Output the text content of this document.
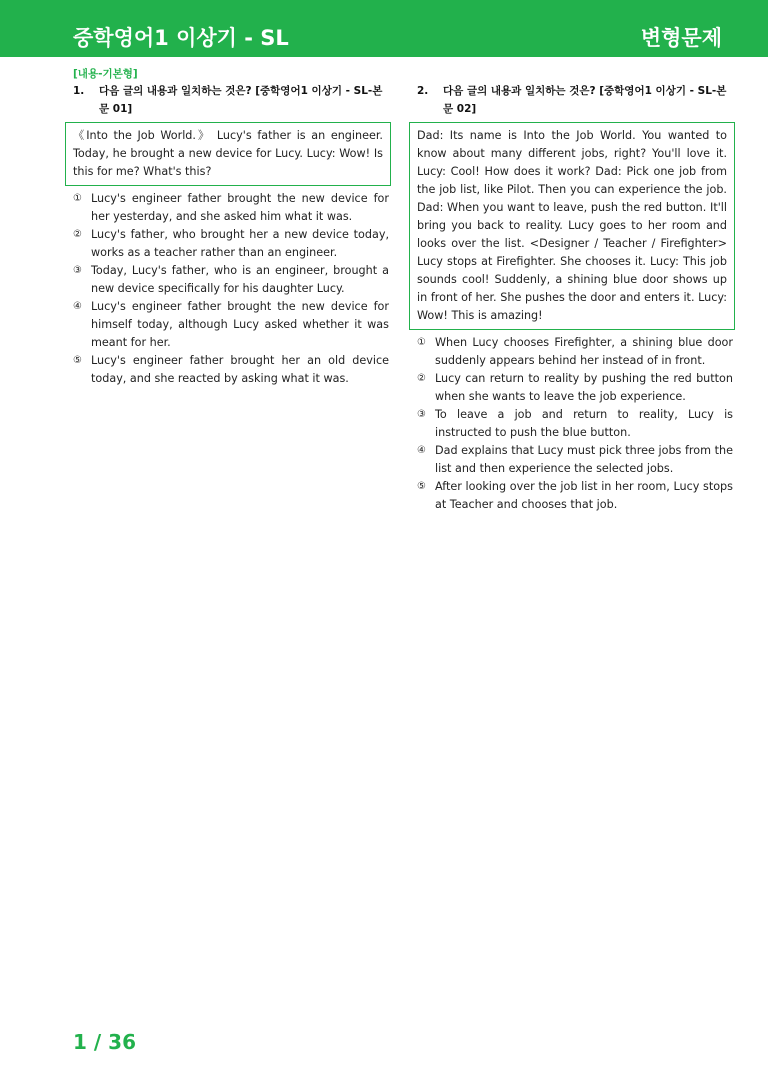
중학영어1 이상기 - SL	변형문제
[내용-기본형]
1. 다음 글의 내용과 일치하는 것은? [중학영어1 이상기 - SL-본문 01]
《Into the Job World.》 Lucy's father is an engineer. Today, he brought a new device for Lucy. Lucy: Wow! Is this for me? What's this?
① Lucy's engineer father brought the new device for her yesterday, and she asked him what it was.
② Lucy's father, who brought her a new device today, works as a teacher rather than an engineer.
③ Today, Lucy's father, who is an engineer, brought a new device specifically for his daughter Lucy.
④ Lucy's engineer father brought the new device for himself today, although Lucy asked whether it was meant for her.
⑤ Lucy's engineer father brought her an old device today, and she reacted by asking what it was.
2. 다음 글의 내용과 일치하는 것은? [중학영어1 이상기 - SL-본문 02]
Dad: Its name is Into the Job World. You wanted to know about many different jobs, right? You'll love it. Lucy: Cool! How does it work? Dad: Pick one job from the job list, like Pilot. Then you can experience the job. Dad: When you want to leave, push the red button. It'll bring you back to reality. Lucy goes to her room and looks over the list. <Designer / Teacher / Firefighter> Lucy stops at Firefighter. She chooses it. Lucy: This job sounds cool! Suddenly, a shining blue door shows up in front of her. She pushes the door and enters it. Lucy: Wow! This is amazing!
① When Lucy chooses Firefighter, a shining blue door suddenly appears behind her instead of in front.
② Lucy can return to reality by pushing the red button when she wants to leave the job experience.
③ To leave a job and return to reality, Lucy is instructed to push the blue button.
④ Dad explains that Lucy must pick three jobs from the list and then experience the selected jobs.
⑤ After looking over the job list in her room, Lucy stops at Teacher and chooses that job.
1 / 36
